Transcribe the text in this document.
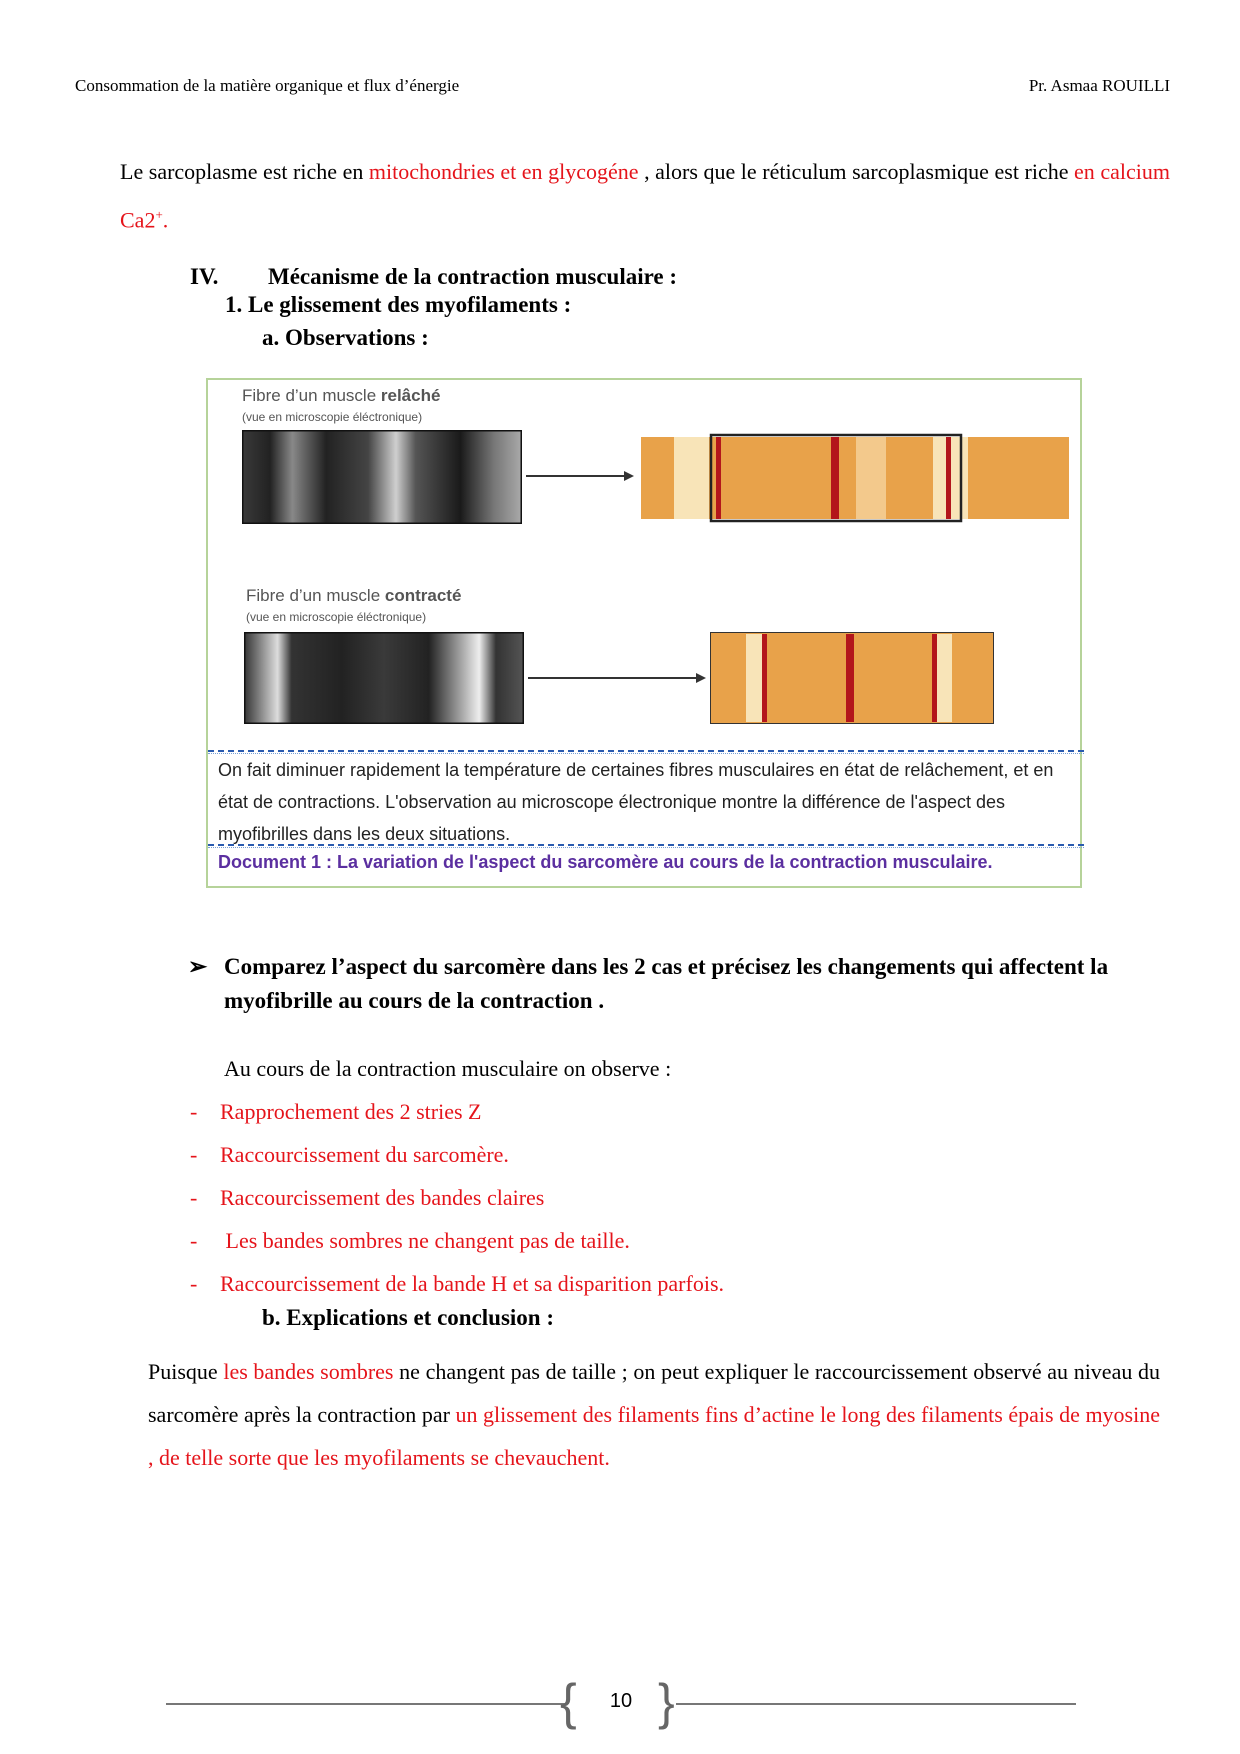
Consommation de la matière organique et flux d’énergie	Pr. Asmaa ROUILLI
Le sarcoplasme est riche en mitochondries et en glycogéne , alors que le réticulum sarcoplasmique est riche en calcium Ca2+.
IV. Mécanisme de la contraction musculaire :
1. Le glissement des myofilaments :
a. Observations :
Fibre d’un muscle relâché
(vue en microscopie éléctronique)
Fibre d’un muscle contracté
(vue en microscopie éléctronique)
On fait diminuer rapidement la température de certaines fibres musculaires en état de relâchement, et en état de contractions. L'observation au microscope électronique montre la différence de l'aspect des myofibrilles dans les deux situations.
Document 1 : La variation de l'aspect du sarcomère au cours de la contraction musculaire.
➢ Comparez l’aspect du sarcomère dans les 2 cas et précisez les changements qui affectent la myofibrille au cours de la contraction .
Au cours de la contraction musculaire on observe :
- Rapprochement des 2 stries Z
- Raccourcissement du sarcomère.
- Raccourcissement des bandes claires
- Les bandes sombres ne changent pas de taille.
- Raccourcissement de la bande H et sa disparition parfois.
b. Explications et conclusion :
Puisque les bandes sombres ne changent pas de taille ; on peut expliquer le raccourcissement observé au niveau du sarcomère après la contraction par un glissement des filaments fins d’actine le long des filaments épais de myosine , de telle sorte que les myofilaments se chevauchent.
{ 10 }
